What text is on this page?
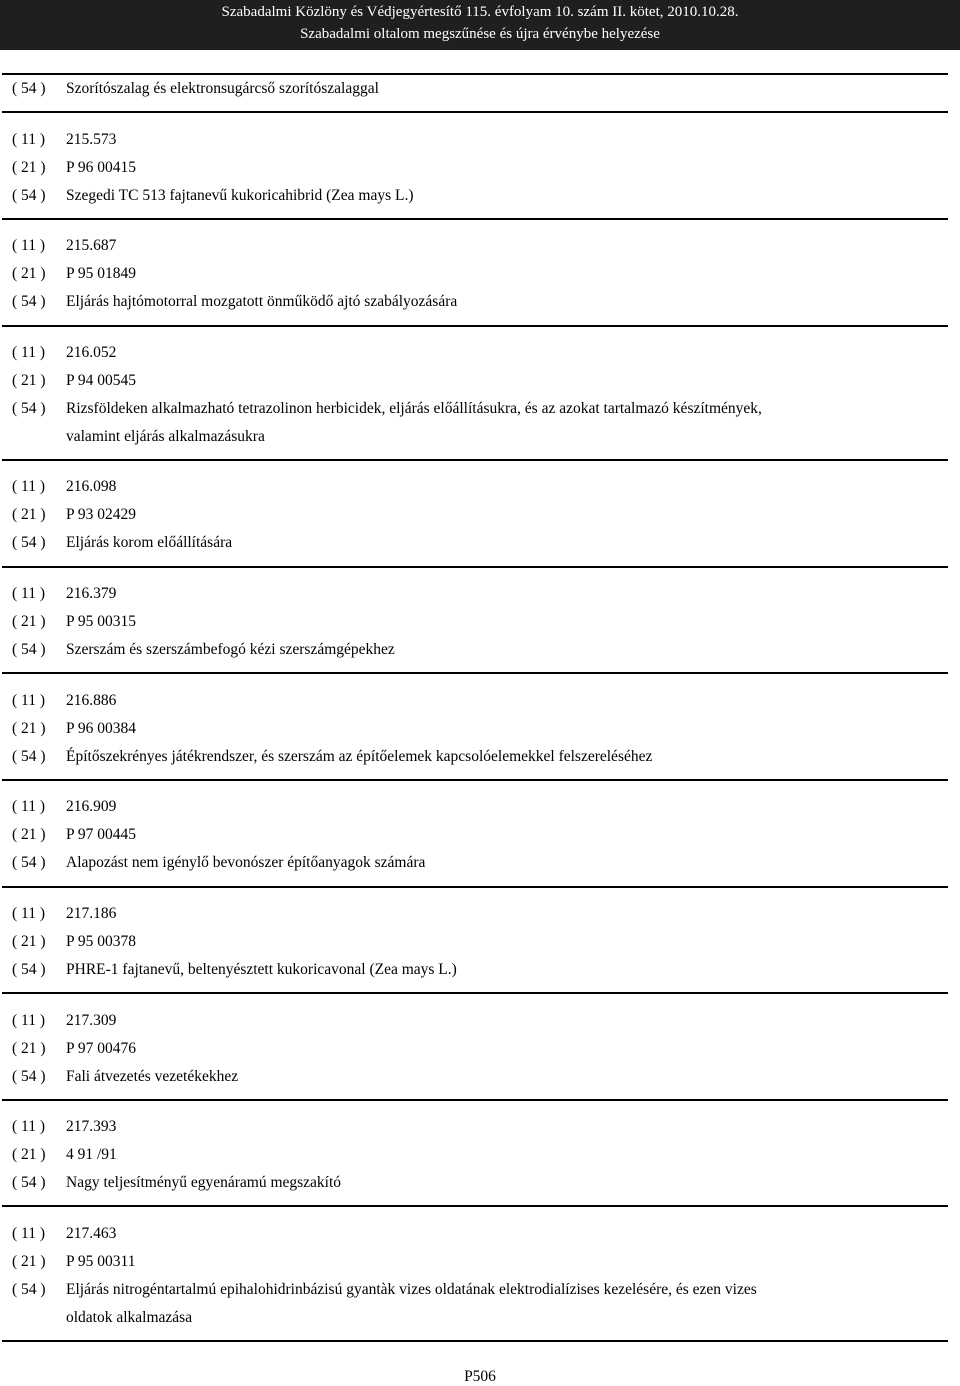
Szabadalmi Közlöny és Védjegyértesítő 115. évfolyam 10. szám II. kötet, 2010.10.28.
Szabadalmi oltalom megszűnése és újra érvénybe helyezése
( 54 ) Szorítószalag és elektronsugárcső szorítószalaggal
( 11 ) 215.573
( 21 ) P 96 00415
( 54 ) Szegedi TC 513 fajtanevű kukoricahibrid (Zea mays L.)
( 11 ) 215.687
( 21 ) P 95 01849
( 54 ) Eljárás hajtómotorral mozgatott önműködő ajtó szabályozására
( 11 ) 216.052
( 21 ) P 94 00545
( 54 ) Rizsföldeken alkalmazható tetrazolinon herbicidek, eljárás előállításukra, és az azokat tartalmazó készítmények,
valamint eljárás alkalmazásukra
( 11 ) 216.098
( 21 ) P 93 02429
( 54 ) Eljárás korom előállítására
( 11 ) 216.379
( 21 ) P 95 00315
( 54 ) Szerszám és szerszámbefogó kézi szerszámgépekhez
( 11 ) 216.886
( 21 ) P 96 00384
( 54 ) Építőszekrényes játékrendszer, és szerszám az építőelemek kapcsolóelemekkel felszereléséhez
( 11 ) 216.909
( 21 ) P 97 00445
( 54 ) Alapozást nem igénylő bevonószer építőanyagok számára
( 11 ) 217.186
( 21 ) P 95 00378
( 54 ) PHRE-1 fajtanevű, beltenyésztett kukoricavonal (Zea mays L.)
( 11 ) 217.309
( 21 ) P 97 00476
( 54 ) Fali átvezetés vezetékekhez
( 11 ) 217.393
( 21 ) 4 91 /91
( 54 ) Nagy teljesítményű egyenáramú megszakító
( 11 ) 217.463
( 21 ) P 95 00311
( 54 ) Eljárás nitrogéntartalmú epihalohidrinbázisú gyantàk vizes oldatának elektrodialízises kezelésére, és ezen vizes
oldatok alkalmazása
P506
